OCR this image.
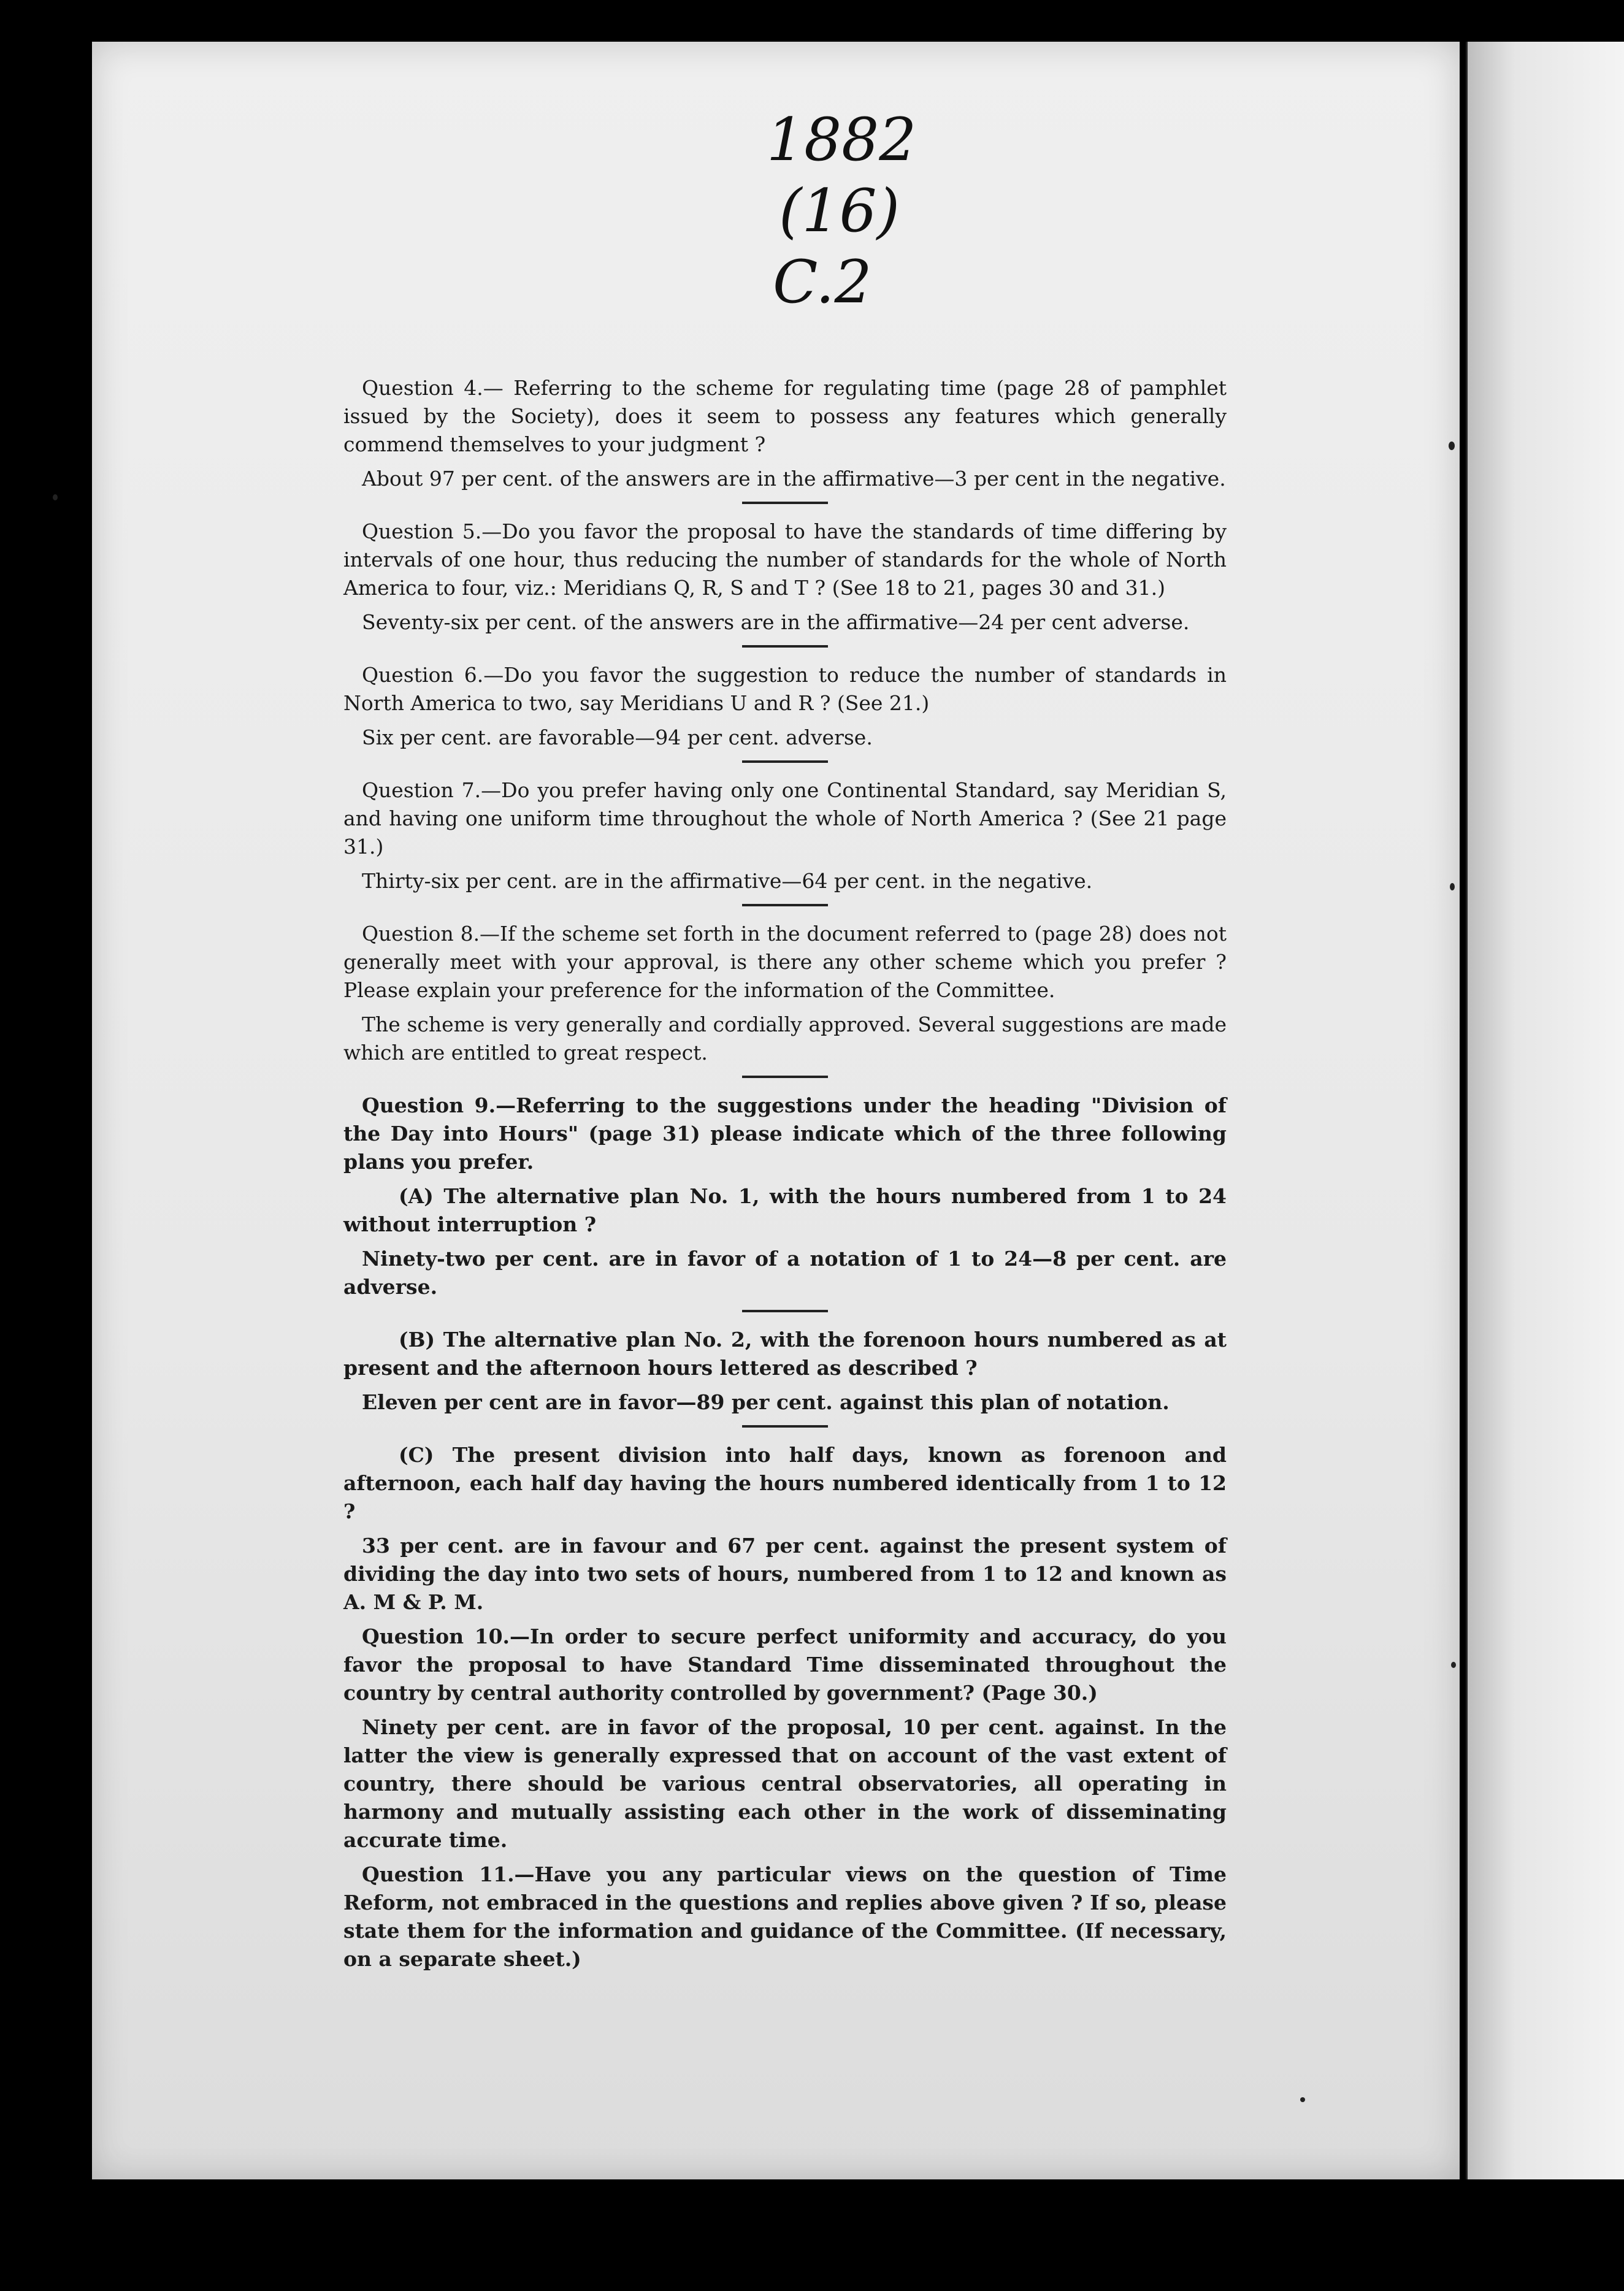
1882
(16)
C.2

Question 4.— Referring to the scheme for regulating time (page 28 of pamphlet issued by the Society), does it seem to possess any features which generally commend themselves to your judgment ?

About 97 per cent. of the answers are in the affirmative—3 per cent in the negative.

Question 5.—Do you favor the proposal to have the standards of time differing by intervals of one hour, thus reducing the number of standards for the whole of North America to four, viz.: Meridians Q, R, S and T ? (See 18 to 21, pages 30 and 31.)

Seventy-six per cent. of the answers are in the affirmative—24 per cent adverse.

Question 6.—Do you favor the suggestion to reduce the number of standards in North America to two, say Meridians U and R ? (See 21.)

Six per cent. are favorable—94 per cent. adverse.

Question 7.—Do you prefer having only one Continental Standard, say Meridian S, and having one uniform time throughout the whole of North America ? (See 21 page 31.)

Thirty-six per cent. are in the affirmative—64 per cent. in the negative.

Question 8.—If the scheme set forth in the document referred to (page 28) does not generally meet with your approval, is there any other scheme which you prefer ? Please explain your preference for the information of the Committee.

The scheme is very generally and cordially approved. Several suggestions are made which are entitled to great respect.

Question 9.—Referring to the suggestions under the heading "Division of the Day into Hours" (page 31) please indicate which of the three following plans you prefer.

(A) The alternative plan No. 1, with the hours numbered from 1 to 24 without interruption ?

Ninety-two per cent. are in favor of a notation of 1 to 24—8 per cent. are adverse.

(B) The alternative plan No. 2, with the forenoon hours numbered as at present and the afternoon hours lettered as described ?

Eleven per cent are in favor—89 per cent. against this plan of notation.

(C) The present division into half days, known as forenoon and afternoon, each half day having the hours numbered identically from 1 to 12 ?

33 per cent. are in favour and 67 per cent. against the present system of dividing the day into two sets of hours, numbered from 1 to 12 and known as A. M & P. M.

Question 10.—In order to secure perfect uniformity and accuracy, do you favor the proposal to have Standard Time disseminated throughout the country by central authority controlled by government? (Page 30.)

Ninety per cent. are in favor of the proposal, 10 per cent. against. In the latter the view is generally expressed that on account of the vast extent of country, there should be various central observatories, all operating in harmony and mutually assisting each other in the work of disseminating accurate time.

Question 11.—Have you any particular views on the question of Time Reform, not embraced in the questions and replies above given ? If so, please state them for the information and guidance of the Committee. (If necessary, on a separate sheet.)
